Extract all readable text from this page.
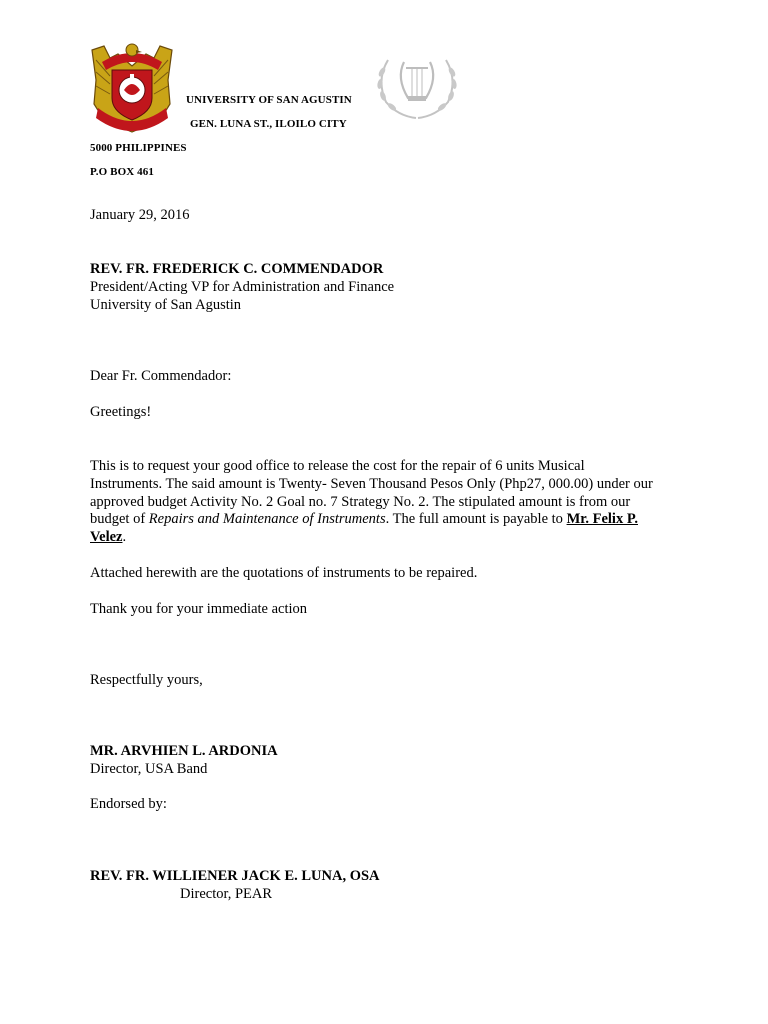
UNIVERSITY OF SAN AGUSTIN
GEN. LUNA ST., ILOILO CITY
5000 PHILIPPINES
P.O BOX 461
January 29, 2016
REV. FR. FREDERICK C. COMMENDADOR
President/Acting VP for Administration and Finance
University of San Agustin
Dear Fr. Commendador:
Greetings!
This is to request your good office to release the cost for the repair of 6 units Musical
Instruments. The said amount is Twenty- Seven Thousand Pesos Only (Php27, 000.00) under our
approved budget Activity No. 2 Goal no. 7 Strategy No. 2. The stipulated amount is from our
budget of Repairs and Maintenance of Instruments. The full amount is payable to Mr. Felix P.
Velez.
Attached herewith are the quotations of instruments to be repaired.
Thank you for your immediate action
Respectfully yours,
MR. ARVHIEN L. ARDONIA
Director, USA Band
Endorsed by:
REV. FR. WILLIENER JACK E. LUNA, OSA
Director, PEAR
